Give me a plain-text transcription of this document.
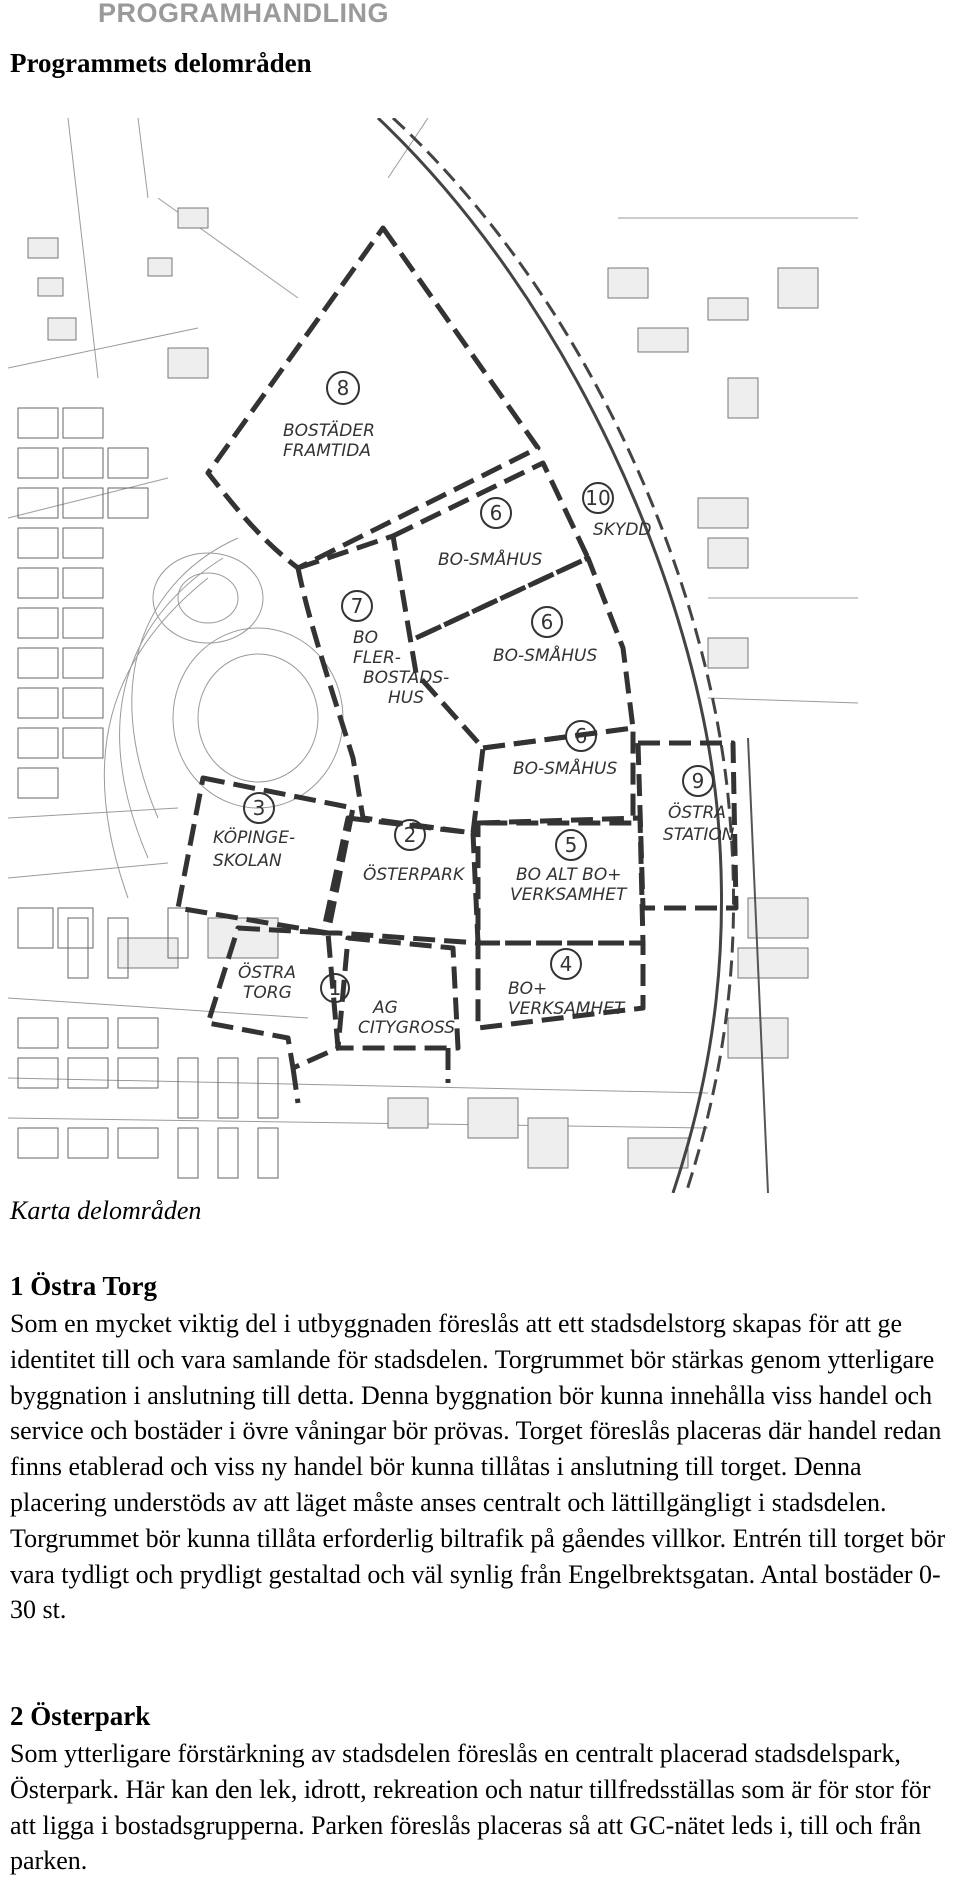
PROGRAMHANDLING
Programmets delområden
8
6
6
6
7
10
9
4
5
2
3
1
BOSTÄDER
FRAMTIDA
BO-SMÅHUS
BO-SMÅHUS
BO-SMÅHUS
BO
FLER-
BOSTADS-
HUS
SKYDD
ÖSTRA
STATION
BO ALT BO+
VERKSAMHET
BO+
VERKSAMHET
ÖSTERPARK
KÖPINGE-
SKOLAN
ÖSTRA
TORG
AG
CITYGROSS
Karta delområden
1 Östra Torg

Som en mycket viktig del i utbyggnaden föreslås att ett stadsdelstorg skapas för att ge identitet till och vara samlande för stadsdelen. Torgrummet bör stärkas genom ytterligare byggnation i anslutning till detta. Denna byggnation bör kunna innehålla viss handel och service och bostäder i övre våningar bör prövas. Torget föreslås placeras där handel redan finns etablerad och viss ny handel bör kunna tillåtas i anslutning till torget. Denna placering understöds av att läget måste anses centralt och lättillgängligt i stadsdelen. Torgrummet bör kunna tillåta erforderlig biltrafik på gåendes villkor. Entrén till torget bör vara tydligt och prydligt gestaltad och väl synlig från Engelbrektsgatan. Antal bostäder 0-30 st.

2 Österpark

Som ytterligare förstärkning av stadsdelen föreslås en centralt placerad stadsdelspark, Österpark. Här kan den lek, idrott, rekreation och natur tillfredsställas som är för stor för att ligga i bostadsgrupperna. Parken föreslås placeras så att GC-nätet leds i, till och från parken.
